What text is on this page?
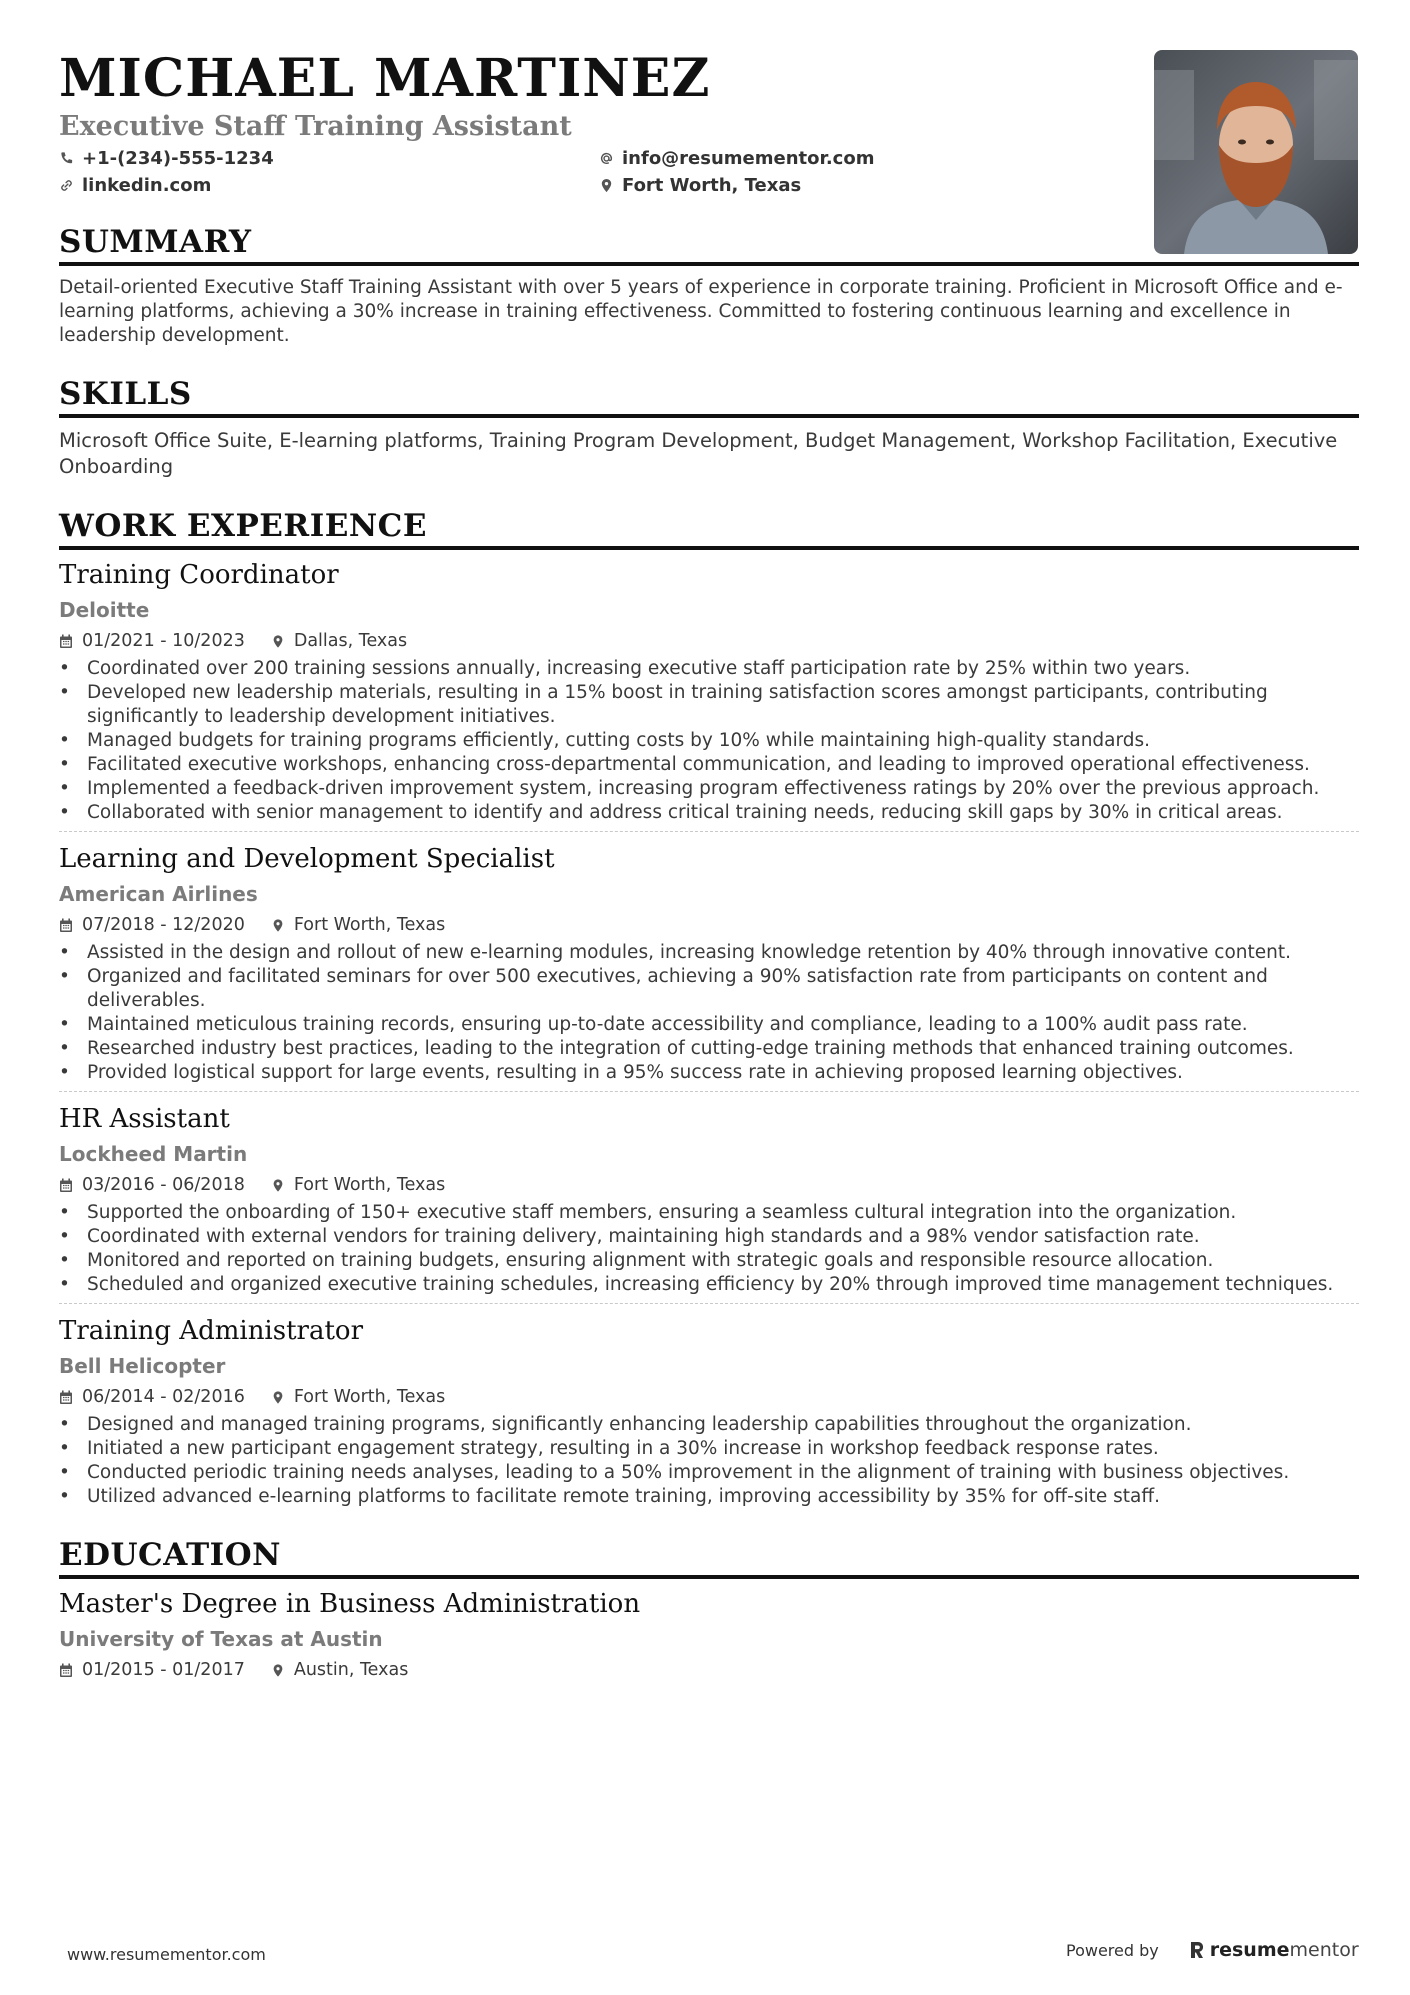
MICHAEL MARTINEZ
Executive Staff Training Assistant
+1-(234)-555-1234	info@resumementor.com
linkedin.com	Fort Worth, Texas
SUMMARY

Detail-oriented Executive Staff Training Assistant with over 5 years of experience in corporate training. Proficient in Microsoft Office and e-learning platforms, achieving a 30% increase in training effectiveness. Committed to fostering continuous learning and excellence in leadership development.

SKILLS

Microsoft Office Suite, E-learning platforms, Training Program Development, Budget Management, Workshop Facilitation, Executive Onboarding

WORK EXPERIENCE

Training Coordinator

Deloitte

01/2021 - 10/2023	Dallas, Texas
• Coordinated over 200 training sessions annually, increasing executive staff participation rate by 25% within two years.
• Developed new leadership materials, resulting in a 15% boost in training satisfaction scores amongst participants, contributing significantly to leadership development initiatives.
• Managed budgets for training programs efficiently, cutting costs by 10% while maintaining high-quality standards.
• Facilitated executive workshops, enhancing cross-departmental communication, and leading to improved operational effectiveness.
• Implemented a feedback-driven improvement system, increasing program effectiveness ratings by 20% over the previous approach.
• Collaborated with senior management to identify and address critical training needs, reducing skill gaps by 30% in critical areas.

Learning and Development Specialist

American Airlines

07/2018 - 12/2020	Fort Worth, Texas
• Assisted in the design and rollout of new e-learning modules, increasing knowledge retention by 40% through innovative content.
• Organized and facilitated seminars for over 500 executives, achieving a 90% satisfaction rate from participants on content and deliverables.
• Maintained meticulous training records, ensuring up-to-date accessibility and compliance, leading to a 100% audit pass rate.
• Researched industry best practices, leading to the integration of cutting-edge training methods that enhanced training outcomes.
• Provided logistical support for large events, resulting in a 95% success rate in achieving proposed learning objectives.

HR Assistant

Lockheed Martin

03/2016 - 06/2018	Fort Worth, Texas
• Supported the onboarding of 150+ executive staff members, ensuring a seamless cultural integration into the organization.
• Coordinated with external vendors for training delivery, maintaining high standards and a 98% vendor satisfaction rate.
• Monitored and reported on training budgets, ensuring alignment with strategic goals and responsible resource allocation.
• Scheduled and organized executive training schedules, increasing efficiency by 20% through improved time management techniques.

Training Administrator

Bell Helicopter

06/2014 - 02/2016	Fort Worth, Texas
• Designed and managed training programs, significantly enhancing leadership capabilities throughout the organization.
• Initiated a new participant engagement strategy, resulting in a 30% increase in workshop feedback response rates.
• Conducted periodic training needs analyses, leading to a 50% improvement in the alignment of training with business objectives.
• Utilized advanced e-learning platforms to facilitate remote training, improving accessibility by 35% for off-site staff.
EDUCATION

Master's Degree in Business Administration

University of Texas at Austin

01/2015 - 01/2017	Austin, Texas
www.resumementor.com	Powered by	resumementor
